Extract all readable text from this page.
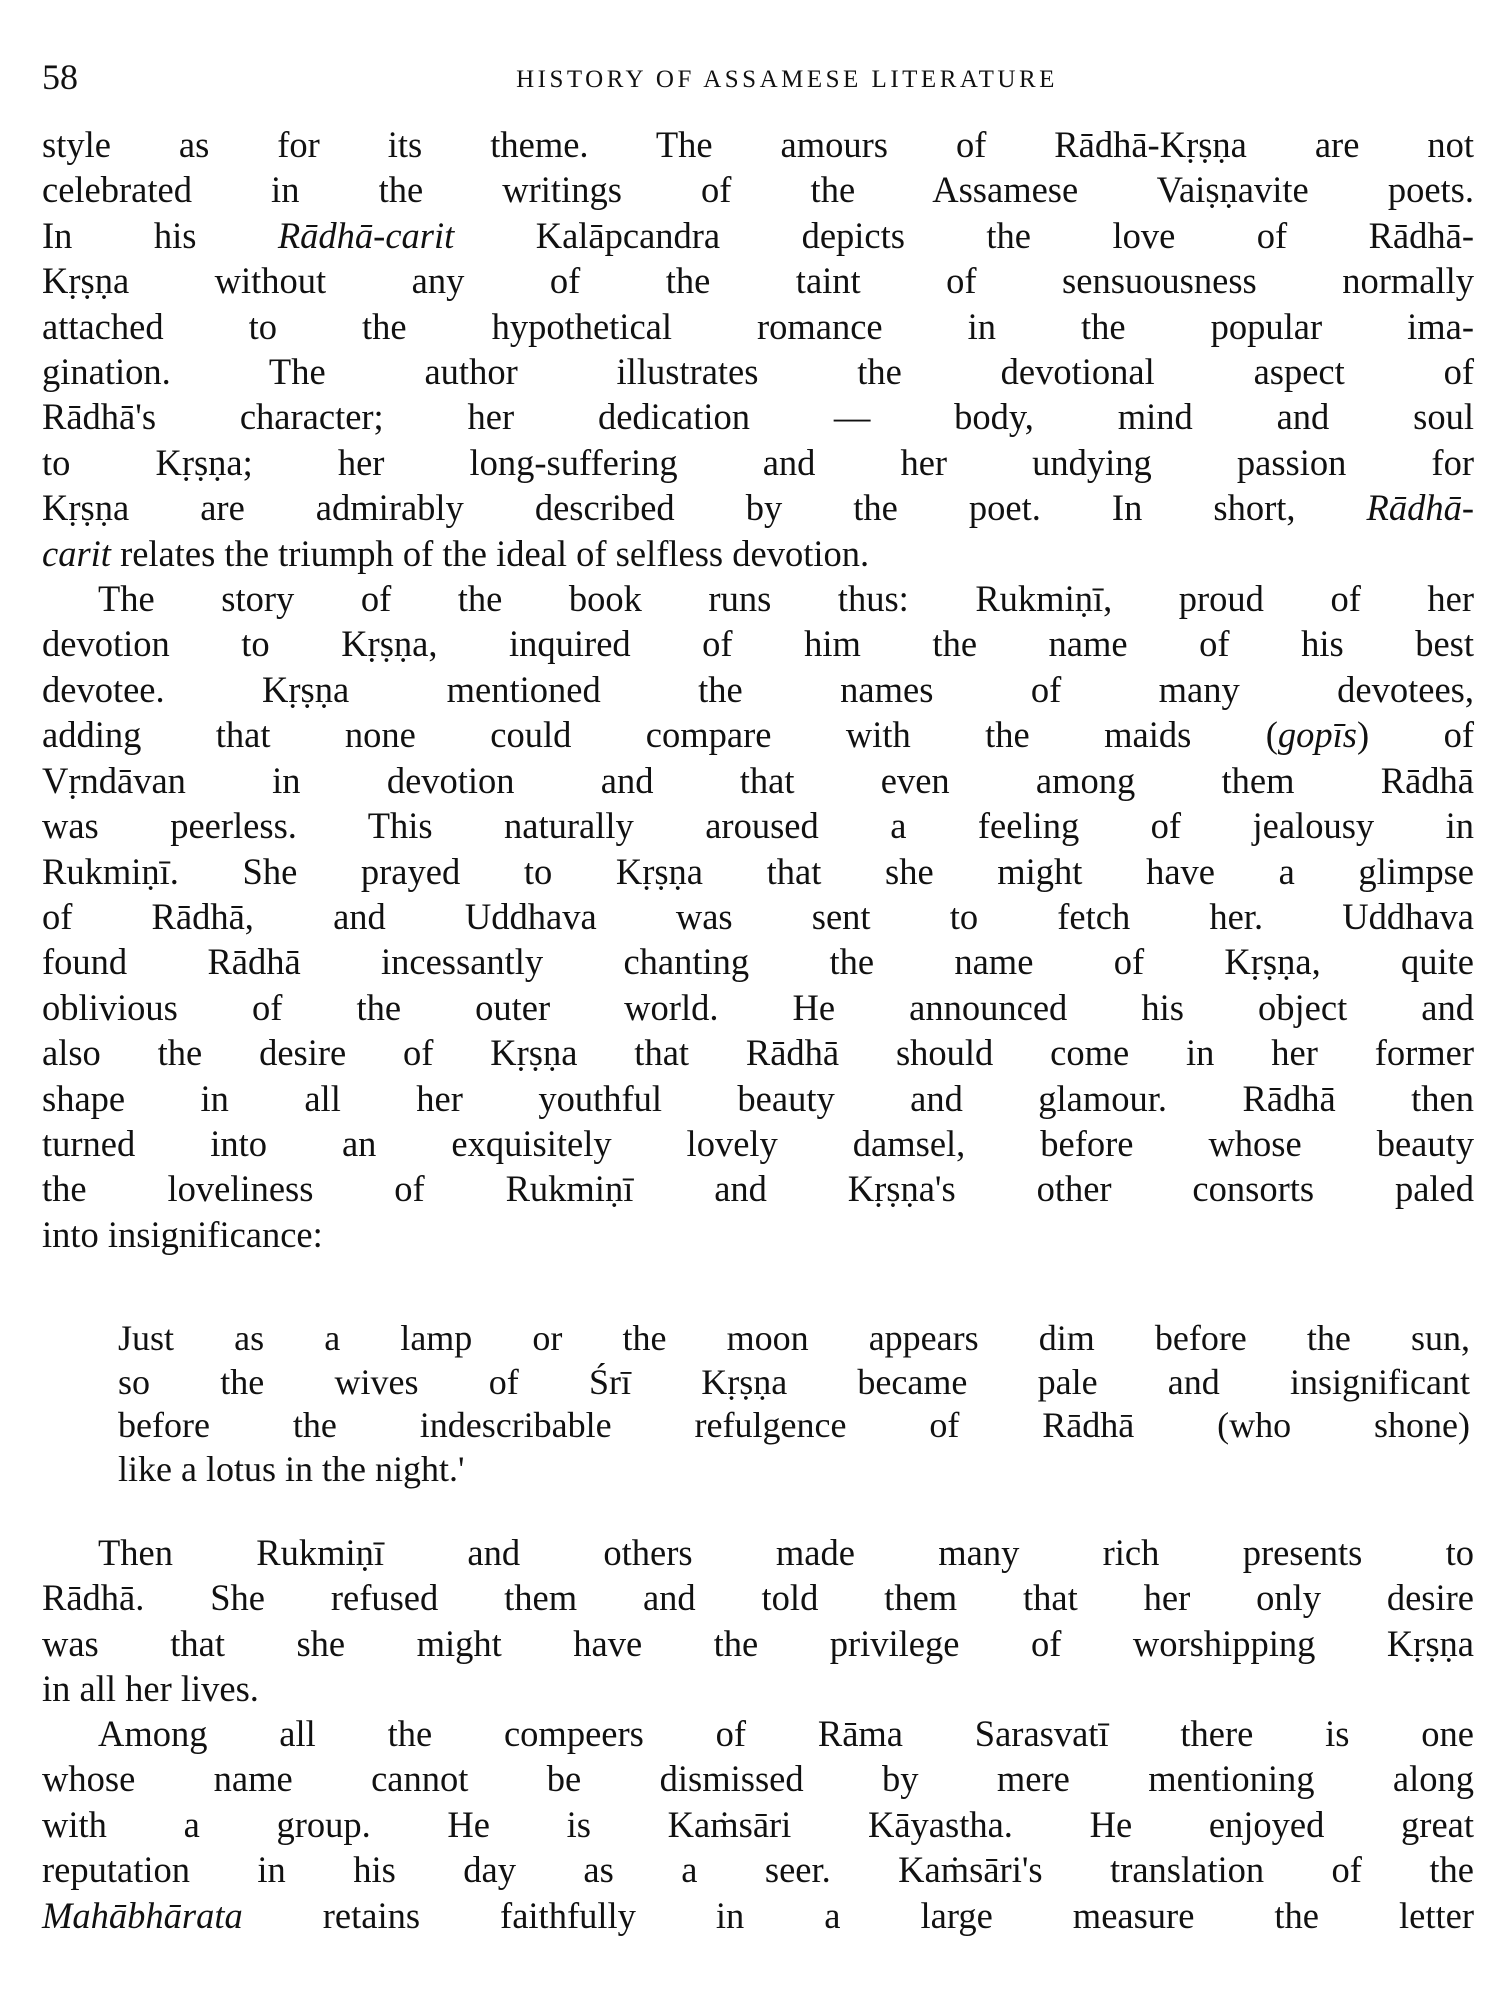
58	HISTORY OF ASSAMESE LITERATURE
style as for its theme. The amours of Rādhā-Kṛṣṇa are not
celebrated in the writings of the Assamese Vaiṣṇavite poets.
In his Rādhā-carit Kalāpcandra depicts the love of Rādhā-
Kṛṣṇa without any of the taint of sensuousness normally
attached to the hypothetical romance in the popular ima-
gination. The author illustrates the devotional aspect of
Rādhā's character; her dedication — body, mind and soul
to Kṛṣṇa; her long-suffering and her undying passion for
Kṛṣṇa are admirably described by the poet. In short, Rādhā-
carit relates the triumph of the ideal of selfless devotion.
The story of the book runs thus: Rukmiṇī, proud of her
devotion to Kṛṣṇa, inquired of him the name of his best
devotee. Kṛṣṇa mentioned the names of many devotees,
adding that none could compare with the maids (gopīs) of
Vṛndāvan in devotion and that even among them Rādhā
was peerless. This naturally aroused a feeling of jealousy in
Rukmiṇī. She prayed to Kṛṣṇa that she might have a glimpse
of Rādhā, and Uddhava was sent to fetch her. Uddhava
found Rādhā incessantly chanting the name of Kṛṣṇa, quite
oblivious of the outer world. He announced his object and
also the desire of Kṛṣṇa that Rādhā should come in her former
shape in all her youthful beauty and glamour. Rādhā then
turned into an exquisitely lovely damsel, before whose beauty
the loveliness of Rukmiṇī and Kṛṣṇa's other consorts paled
into insignificance:
Just as a lamp or the moon appears dim before the sun,
so the wives of Śrī Kṛṣṇa became pale and insignificant
before the indescribable refulgence of Rādhā (who shone)
like a lotus in the night.'
Then Rukmiṇī and others made many rich presents to
Rādhā. She refused them and told them that her only desire
was that she might have the privilege of worshipping Kṛṣṇa
in all her lives.
Among all the compeers of Rāma Sarasvatī there is one
whose name cannot be dismissed by mere mentioning along
with a group. He is Kaṁsāri Kāyastha. He enjoyed great
reputation in his day as a seer. Kaṁsāri's translation of the
Mahābhārata retains faithfully in a large measure the letter
